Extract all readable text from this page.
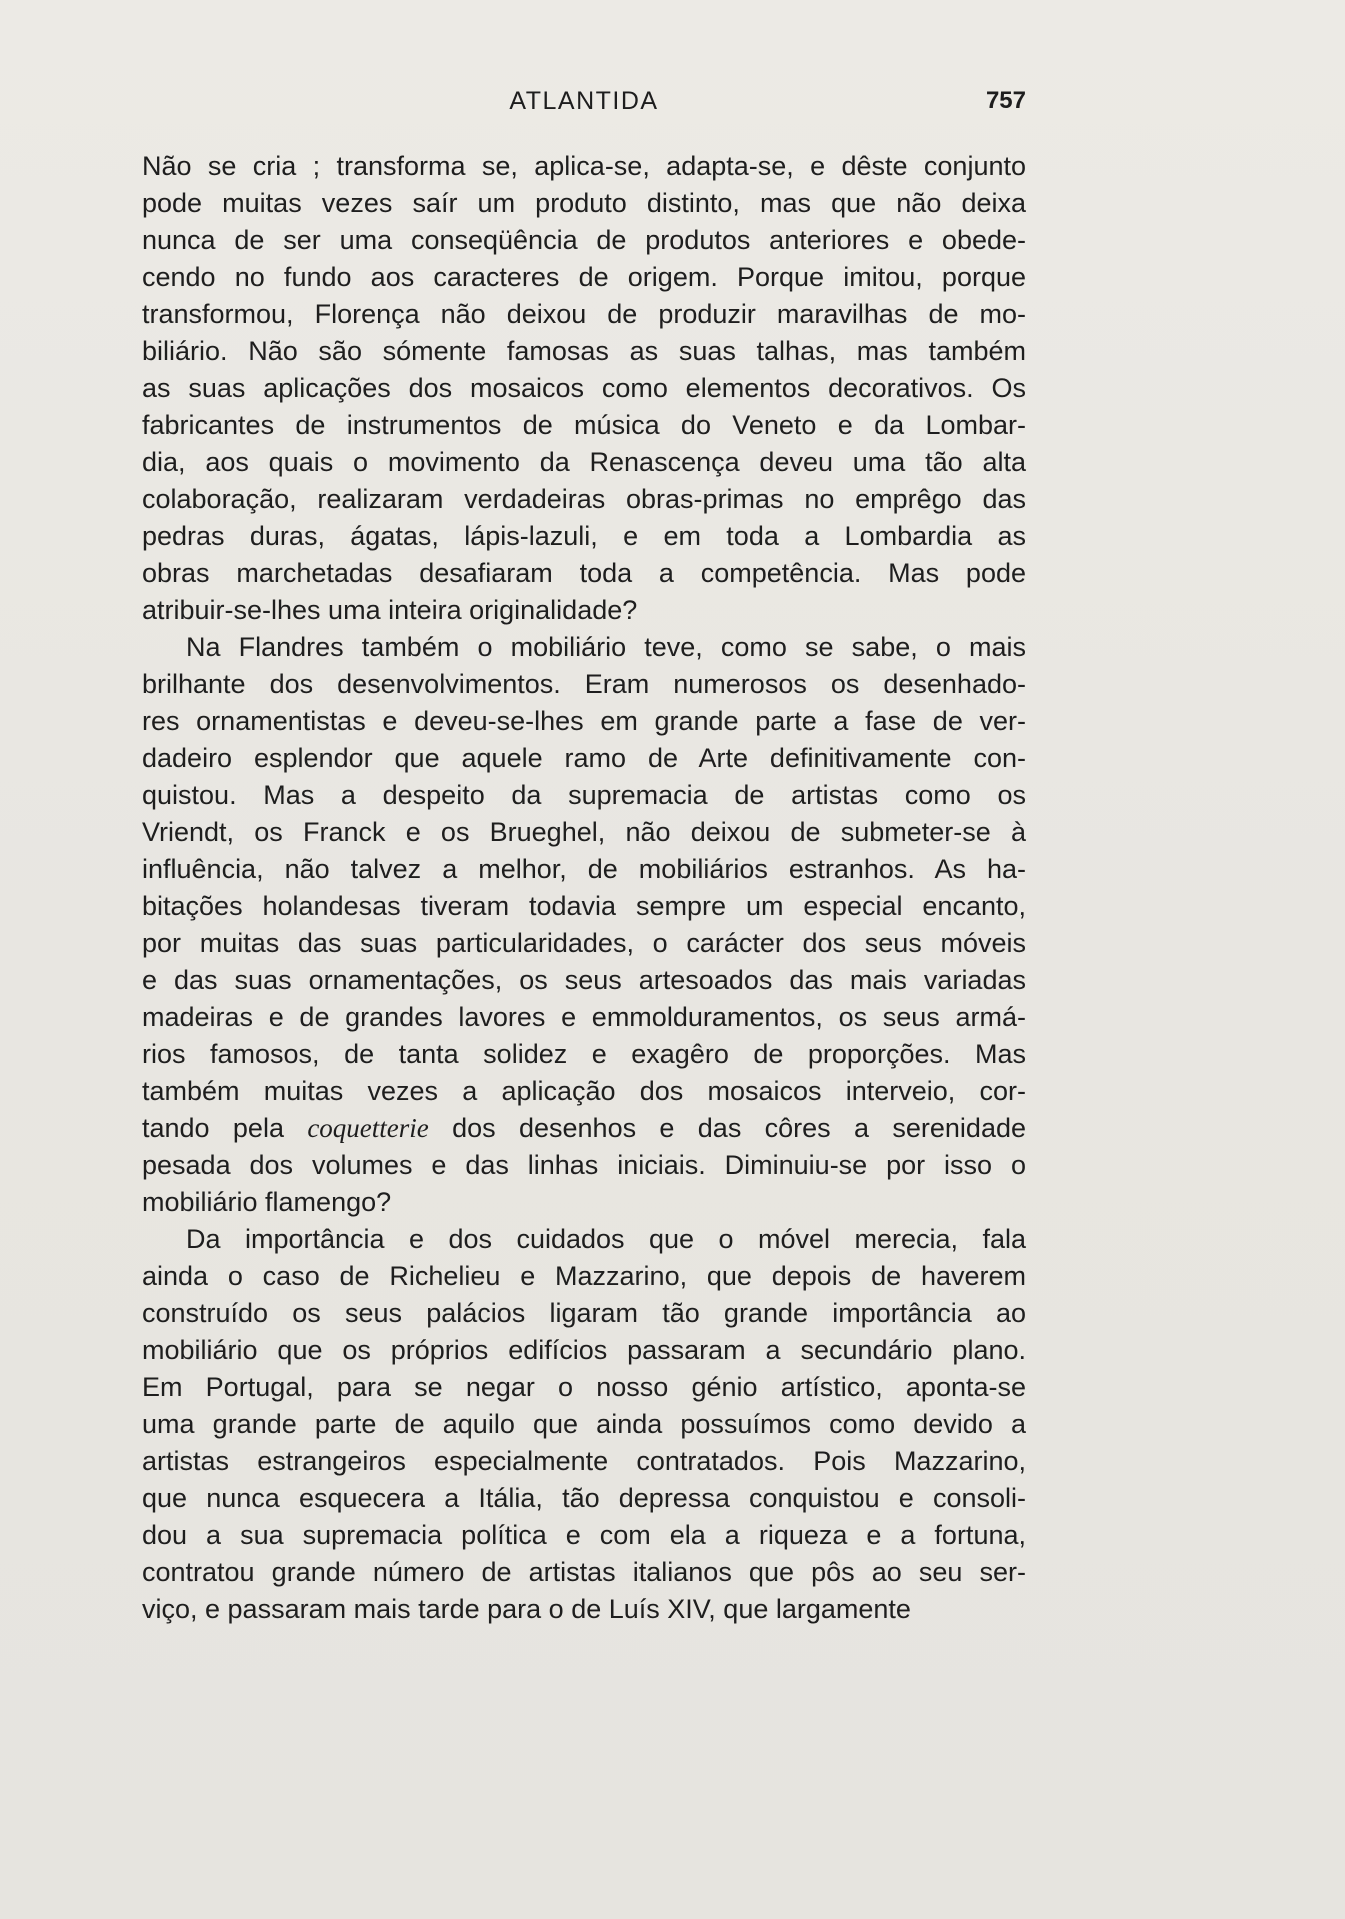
ATLANTIDA	757
Não se cria ; transforma se, aplica-se, adapta-se, e dêste conjunto
pode muitas vezes saír um produto distinto, mas que não deixa
nunca de ser uma conseqüência de produtos anteriores e obede-
cendo no fundo aos caracteres de origem. Porque imitou, porque
transformou, Florença não deixou de produzir maravilhas de mo-
biliário. Não são sómente famosas as suas talhas, mas também
as suas aplicações dos mosaicos como elementos decorativos. Os
fabricantes de instrumentos de música do Veneto e da Lombar-
dia, aos quais o movimento da Renascença deveu uma tão alta
colaboração, realizaram verdadeiras obras-primas no emprêgo das
pedras duras, ágatas, lápis-lazuli, e em toda a Lombardia as
obras marchetadas desafiaram toda a competência. Mas pode
atribuir-se-lhes uma inteira originalidade?
Na Flandres também o mobiliário teve, como se sabe, o mais
brilhante dos desenvolvimentos. Eram numerosos os desenhado-
res ornamentistas e deveu-se-lhes em grande parte a fase de ver-
dadeiro esplendor que aquele ramo de Arte definitivamente con-
quistou. Mas a despeito da supremacia de artistas como os
Vriendt, os Franck e os Brueghel, não deixou de submeter-se à
influência, não talvez a melhor, de mobiliários estranhos. As ha-
bitações holandesas tiveram todavia sempre um especial encanto,
por muitas das suas particularidades, o carácter dos seus móveis
e das suas ornamentações, os seus artesoados das mais variadas
madeiras e de grandes lavores e emmolduramentos, os seus armá-
rios famosos, de tanta solidez e exagêro de proporções. Mas
também muitas vezes a aplicação dos mosaicos interveio, cor-
tando pela coquetterie dos desenhos e das côres a serenidade
pesada dos volumes e das linhas iniciais. Diminuiu-se por isso o
mobiliário flamengo?
Da importância e dos cuidados que o móvel merecia, fala
ainda o caso de Richelieu e Mazzarino, que depois de haverem
construído os seus palácios ligaram tão grande importância ao
mobiliário que os próprios edifícios passaram a secundário plano.
Em Portugal, para se negar o nosso génio artístico, aponta-se
uma grande parte de aquilo que ainda possuímos como devido a
artistas estrangeiros especialmente contratados. Pois Mazzarino,
que nunca esquecera a Itália, tão depressa conquistou e consoli-
dou a sua supremacia política e com ela a riqueza e a fortuna,
contratou grande número de artistas italianos que pôs ao seu ser-
viço, e passaram mais tarde para o de Luís XIV, que largamente
